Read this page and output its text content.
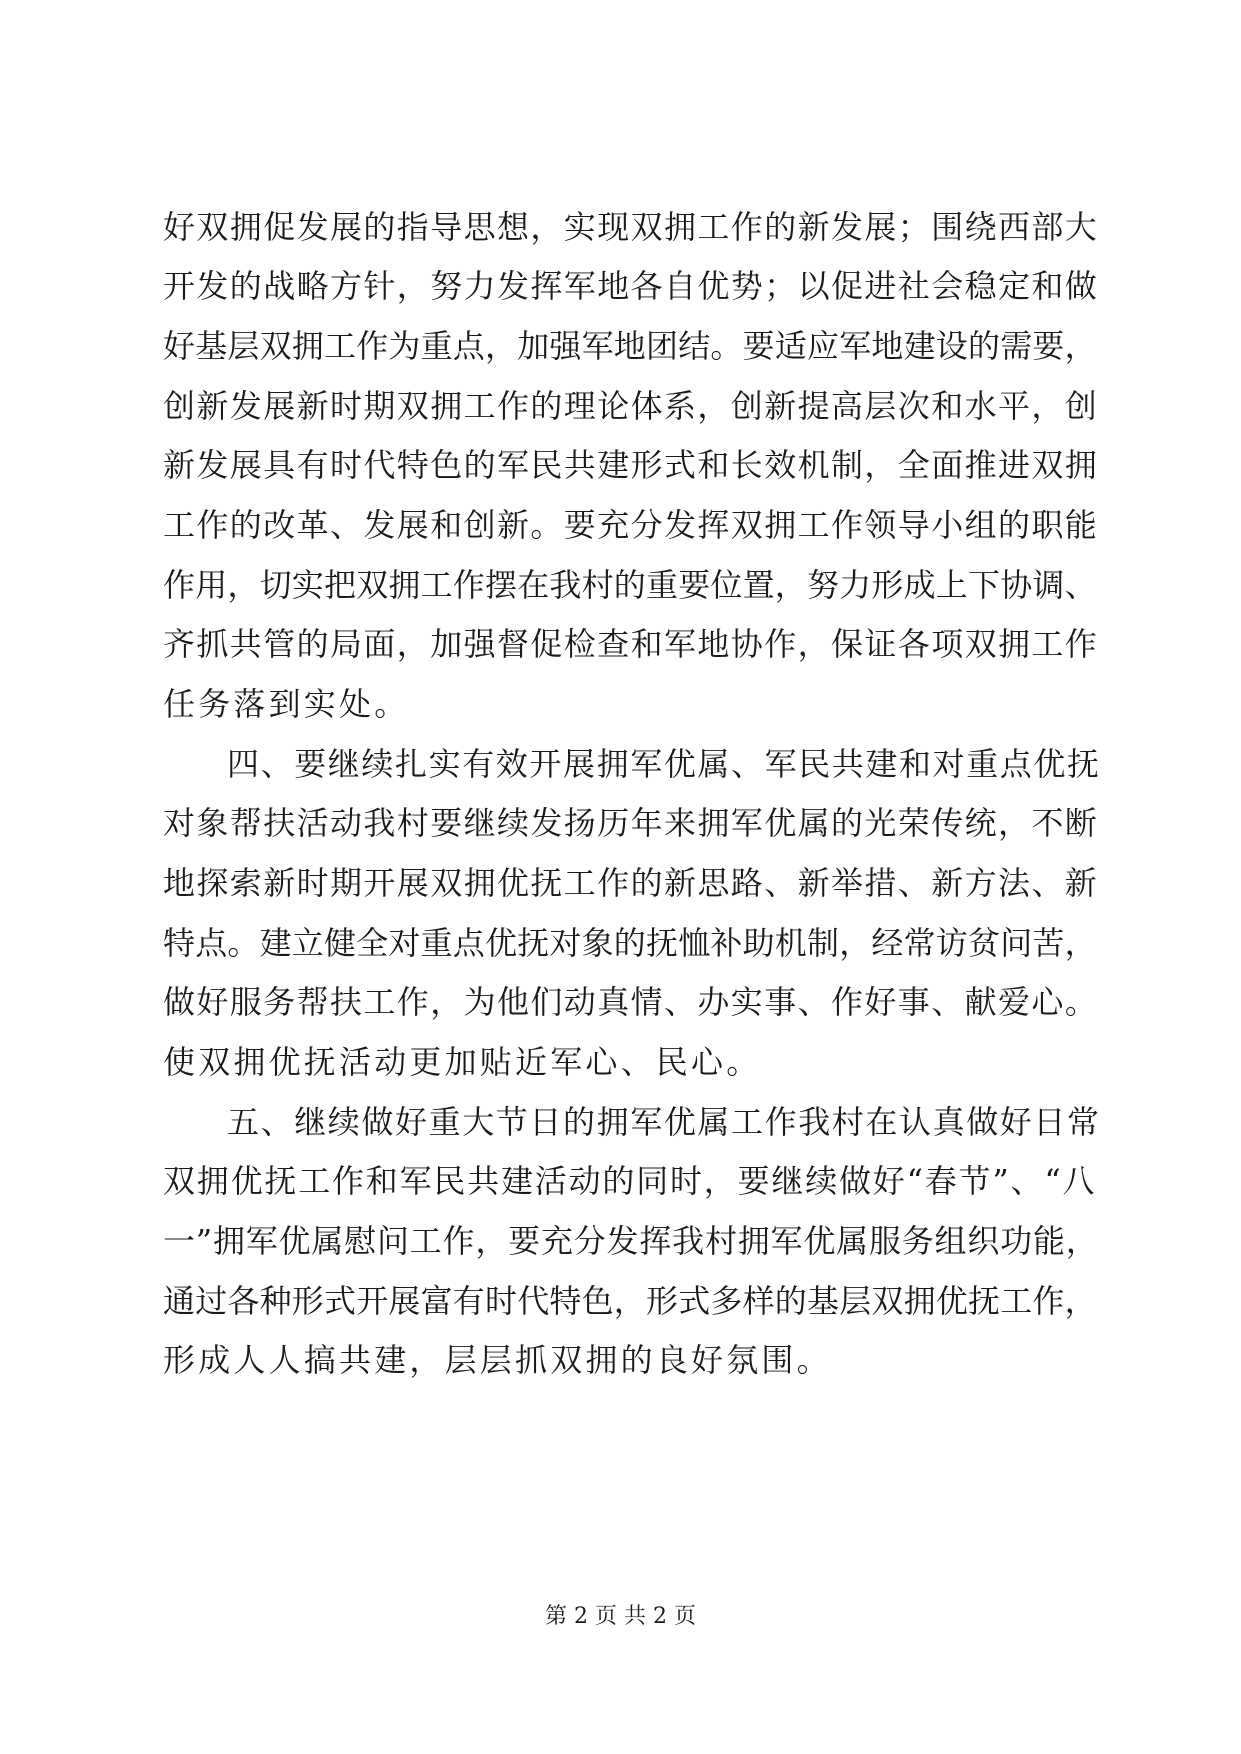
好双拥促发展的指导思想，实现双拥工作的新发展；围绕西部大
开发的战略方针，努力发挥军地各自优势；以促进社会稳定和做
好基层双拥工作为重点，加强军地团结。要适应军地建设的需要，
创新发展新时期双拥工作的理论体系，创新提高层次和水平，创
新发展具有时代特色的军民共建形式和长效机制，全面推进双拥
工作的改革、发展和创新。要充分发挥双拥工作领导小组的职能
作用，切实把双拥工作摆在我村的重要位置，努力形成上下协调、
齐抓共管的局面，加强督促检查和军地协作，保证各项双拥工作
任务落到实处。
四、要继续扎实有效开展拥军优属、军民共建和对重点优抚
对象帮扶活动我村要继续发扬历年来拥军优属的光荣传统，不断
地探索新时期开展双拥优抚工作的新思路、新举措、新方法、新
特点。建立健全对重点优抚对象的抚恤补助机制，经常访贫问苦，
做好服务帮扶工作，为他们动真情、办实事、作好事、献爱心。
使双拥优抚活动更加贴近军心、民心。
五、继续做好重大节日的拥军优属工作我村在认真做好日常
双拥优抚工作和军民共建活动的同时，要继续做好“春节”、“八
一”拥军优属慰问工作，要充分发挥我村拥军优属服务组织功能，
通过各种形式开展富有时代特色，形式多样的基层双拥优抚工作，
形成人人搞共建，层层抓双拥的良好氛围。
第 2 页 共 2 页
